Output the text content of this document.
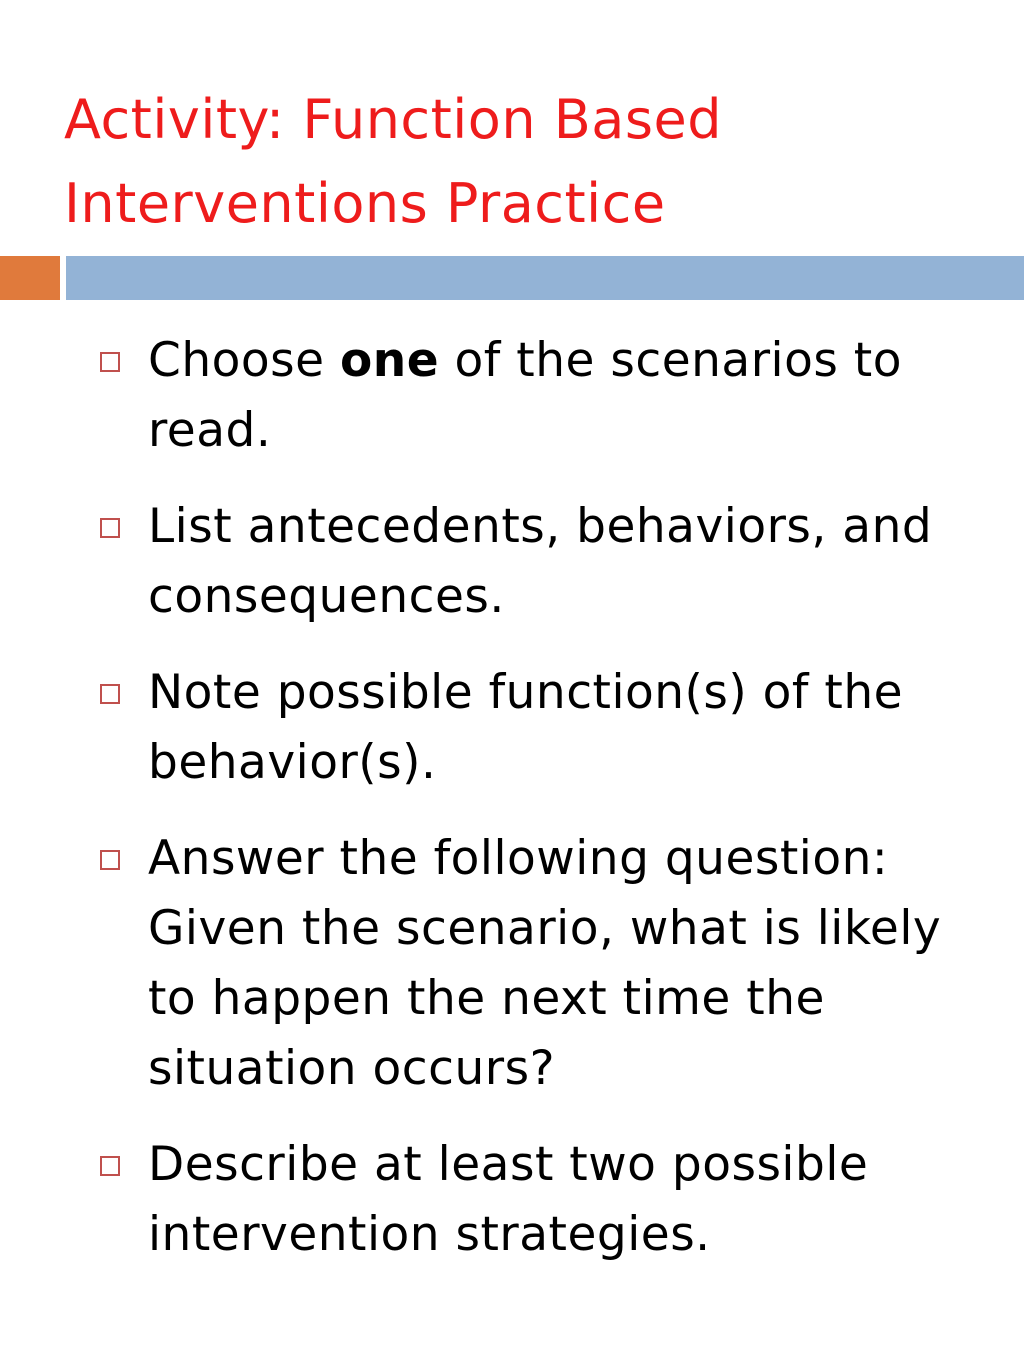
Activity: Function Based Interventions Practice
Choose one of the scenarios to read.
List antecedents, behaviors, and consequences.
Note possible function(s) of the behavior(s).
Answer the following question: Given the scenario, what is likely to happen the next time the situation occurs?
Describe at least two possible intervention strategies.
